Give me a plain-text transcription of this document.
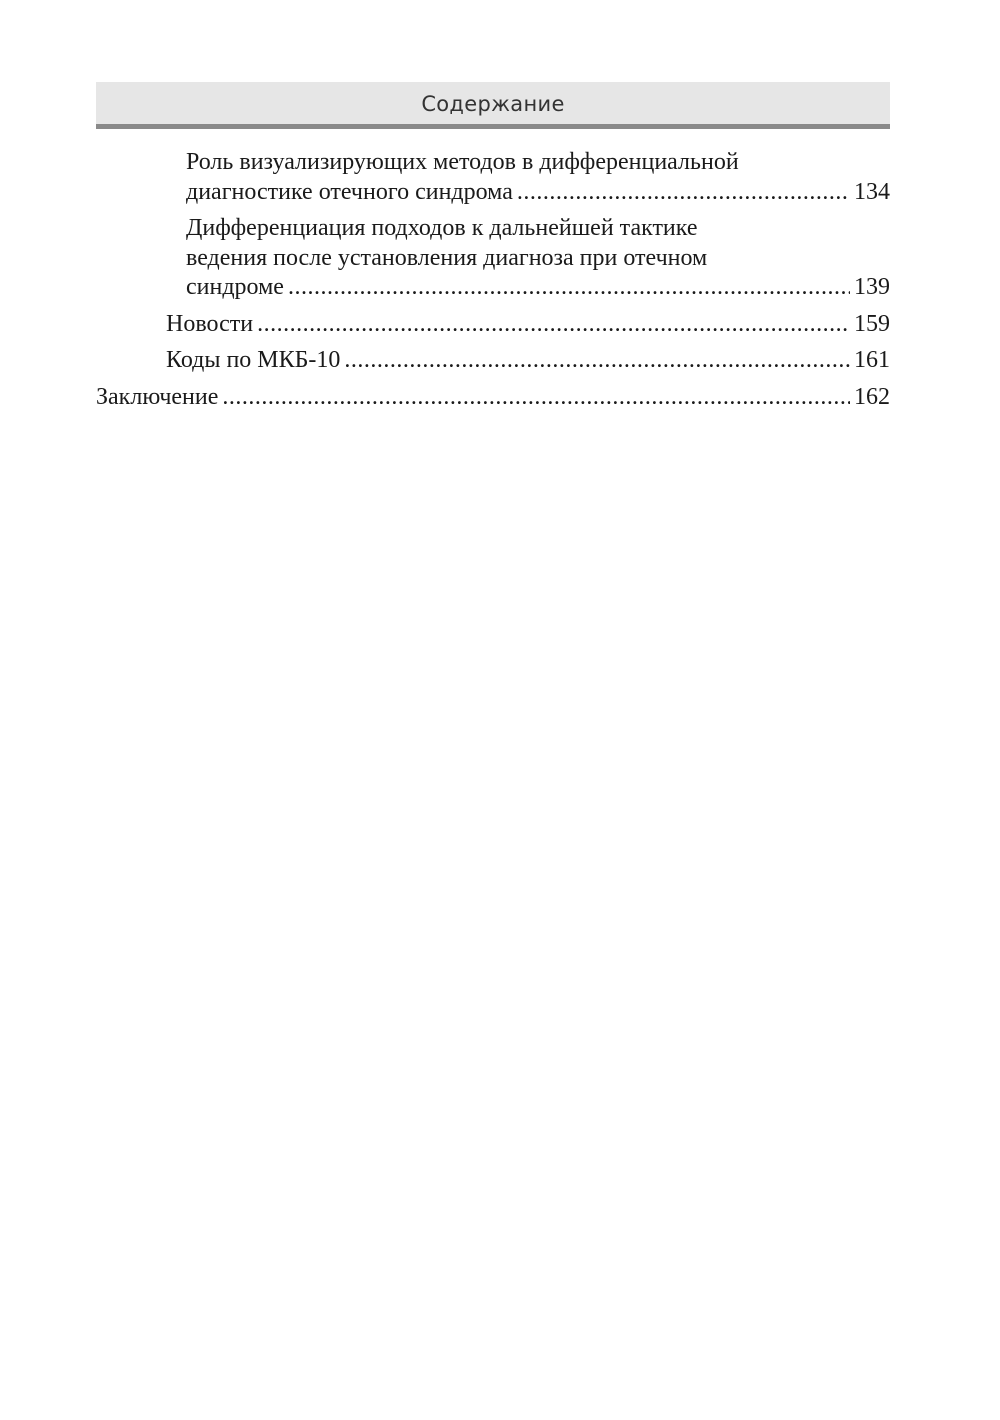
Содержание
Роль визуализирующих методов в дифференциальной
диагностике отечного синдрома .....	134
Дифференциация подходов к дальнейшей тактике
ведения после установления диагноза при отечном
синдроме .....	139
Новости .....	159
Коды по МКБ-10 .....	161
Заключение .....	162
